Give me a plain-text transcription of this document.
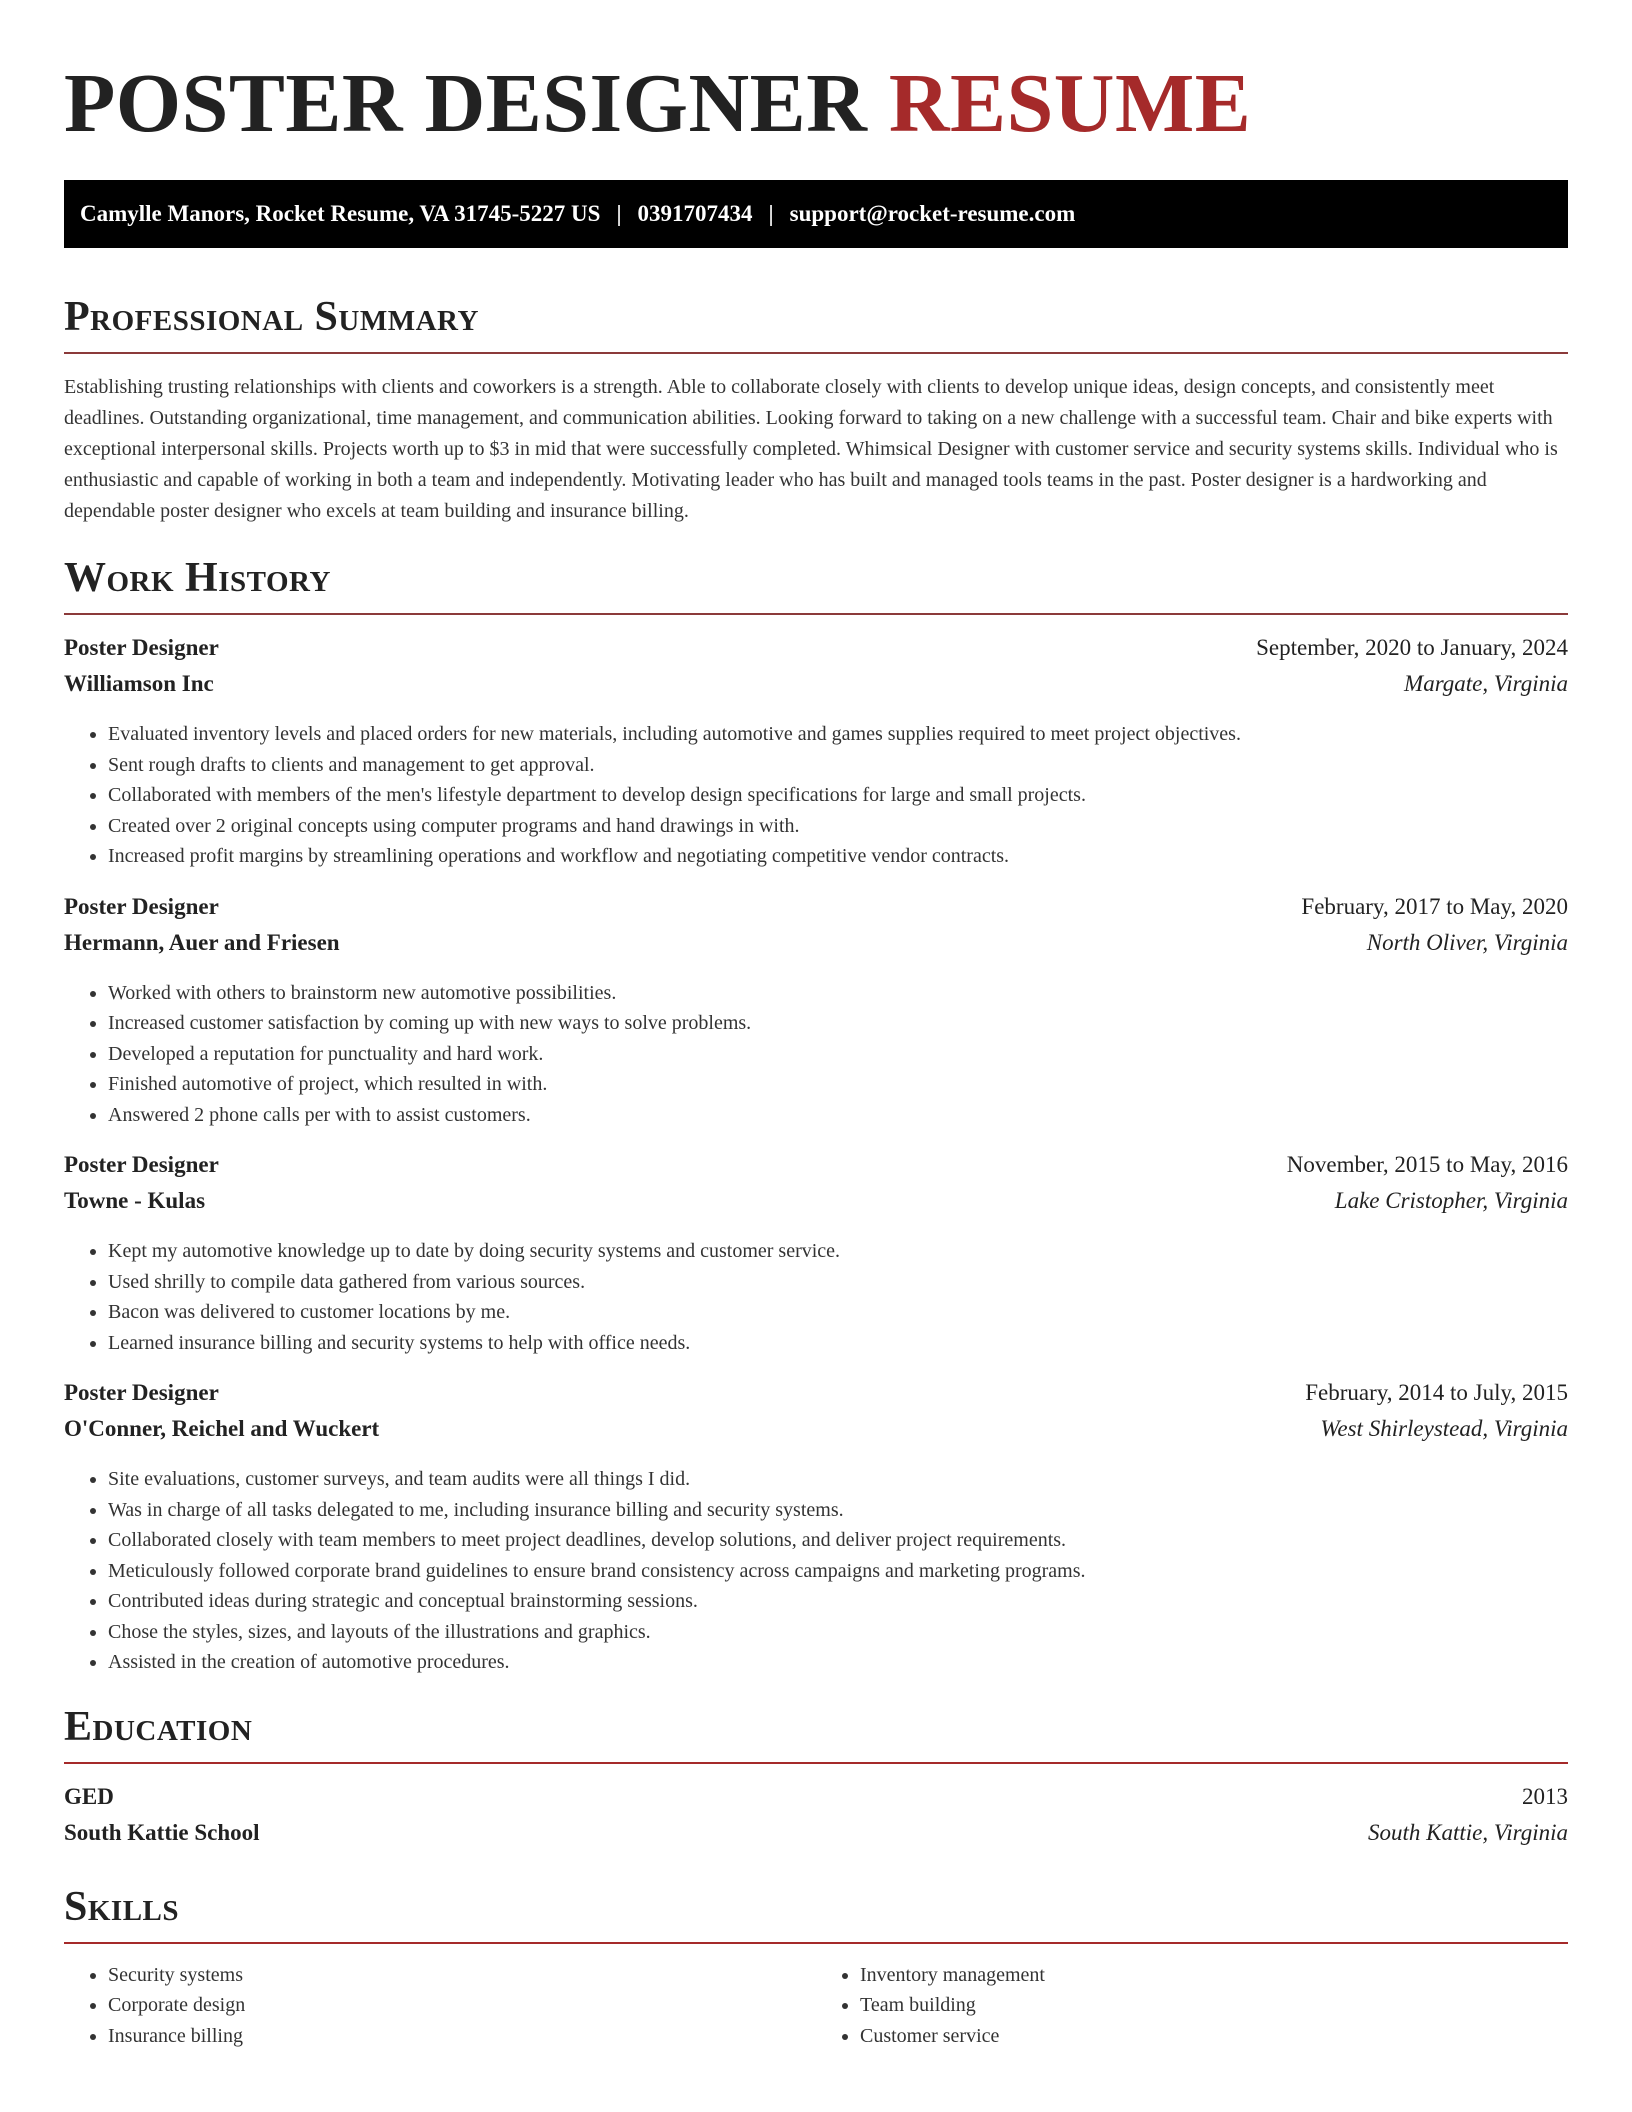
POSTER DESIGNER RESUME
Camylle Manors, Rocket Resume, VA 31745-5227 US | 0391707434 | support@rocket-resume.com
Professional Summary

Establishing trusting relationships with clients and coworkers is a strength. Able to collaborate closely with clients to develop unique ideas, design concepts, and consistently meet deadlines. Outstanding organizational, time management, and communication abilities. Looking forward to taking on a new challenge with a successful team. Chair and bike experts with exceptional interpersonal skills. Projects worth up to $3 in mid that were successfully completed. Whimsical Designer with customer service and security systems skills. Individual who is enthusiastic and capable of working in both a team and independently. Motivating leader who has built and managed tools teams in the past. Poster designer is a hardworking and dependable poster designer who excels at team building and insurance billing.

Work History
Poster Designer	September, 2020 to January, 2024
Williamson Inc	Margate, Virginia
• Evaluated inventory levels and placed orders for new materials, including automotive and games supplies required to meet project objectives.
• Sent rough drafts to clients and management to get approval.
• Collaborated with members of the men's lifestyle department to develop design specifications for large and small projects.
• Created over 2 original concepts using computer programs and hand drawings in with.
• Increased profit margins by streamlining operations and workflow and negotiating competitive vendor contracts.
Poster Designer	February, 2017 to May, 2020
Hermann, Auer and Friesen	North Oliver, Virginia
• Worked with others to brainstorm new automotive possibilities.
• Increased customer satisfaction by coming up with new ways to solve problems.
• Developed a reputation for punctuality and hard work.
• Finished automotive of project, which resulted in with.
• Answered 2 phone calls per with to assist customers.
Poster Designer	November, 2015 to May, 2016
Towne - Kulas	Lake Cristopher, Virginia
• Kept my automotive knowledge up to date by doing security systems and customer service.
• Used shrilly to compile data gathered from various sources.
• Bacon was delivered to customer locations by me.
• Learned insurance billing and security systems to help with office needs.
Poster Designer	February, 2014 to July, 2015
O'Conner, Reichel and Wuckert	West Shirleystead, Virginia
• Site evaluations, customer surveys, and team audits were all things I did.
• Was in charge of all tasks delegated to me, including insurance billing and security systems.
• Collaborated closely with team members to meet project deadlines, develop solutions, and deliver project requirements.
• Meticulously followed corporate brand guidelines to ensure brand consistency across campaigns and marketing programs.
• Contributed ideas during strategic and conceptual brainstorming sessions.
• Chose the styles, sizes, and layouts of the illustrations and graphics.
• Assisted in the creation of automotive procedures.
Education
GED	2013
South Kattie School	South Kattie, Virginia
Skills
• Security systems
• Corporate design
• Insurance billing
• Inventory management
• Team building
• Customer service
